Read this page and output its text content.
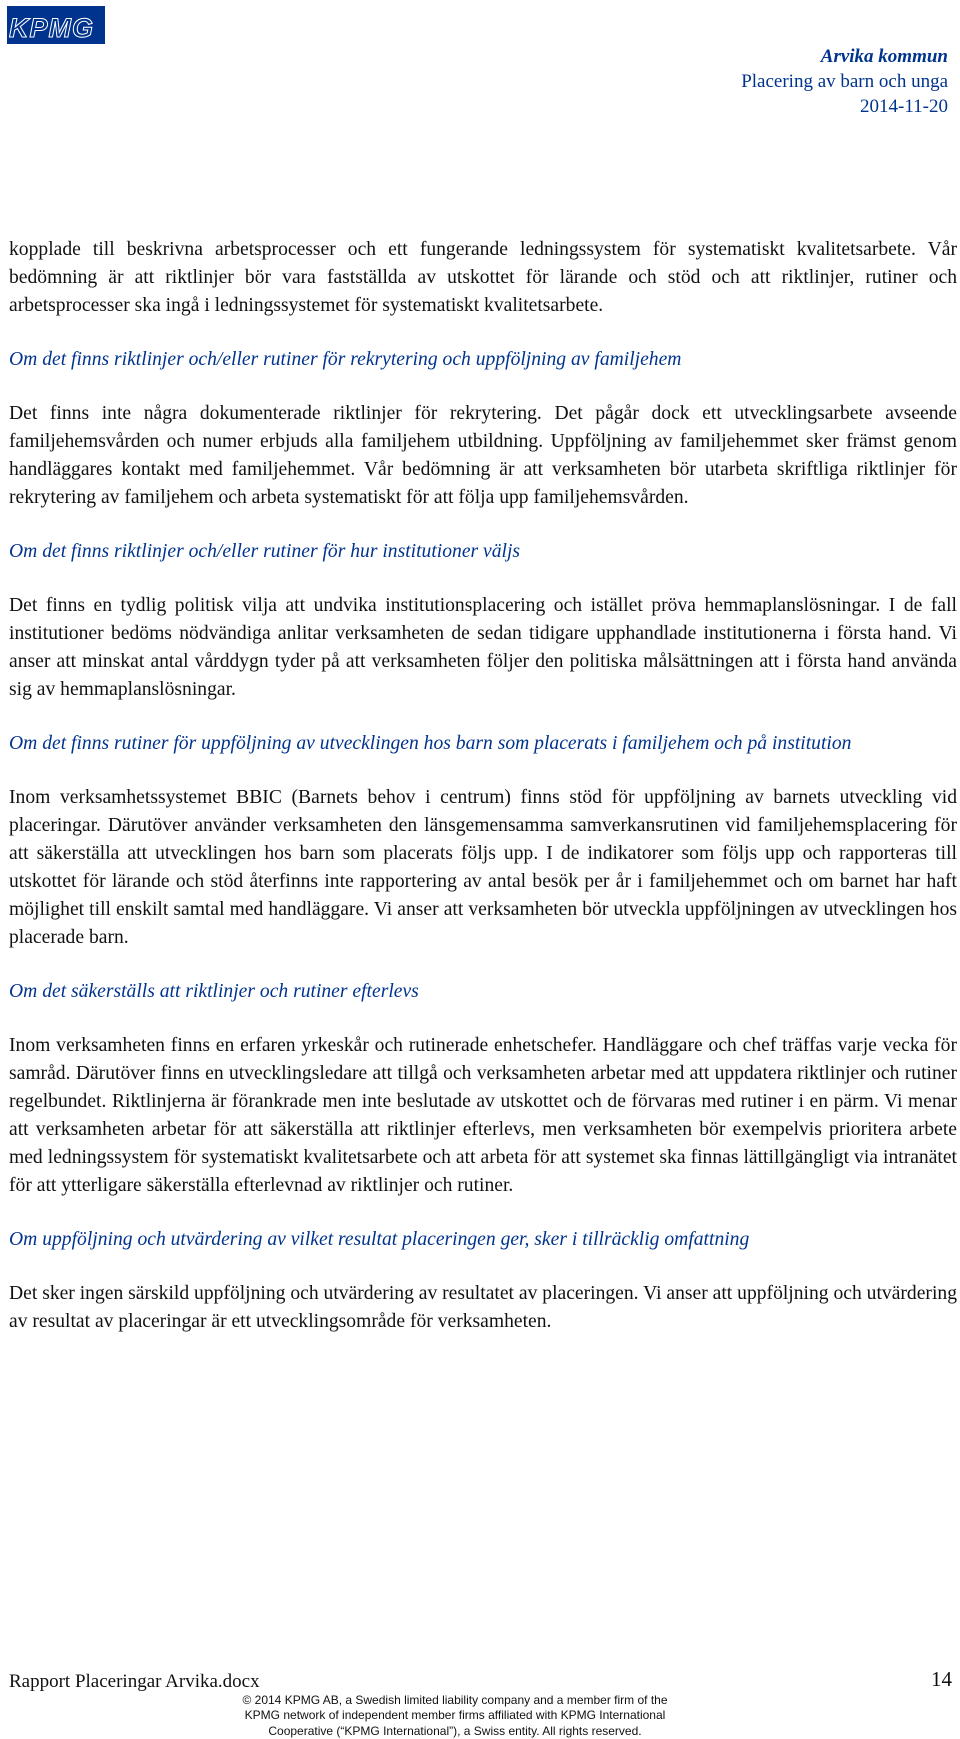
KPMG
Arvika kommun
Placering av barn och unga
2014-11-20

kopplade till beskrivna arbetsprocesser och ett fungerande ledningssystem för systematiskt kvalitetsarbete. Vår bedömning är att riktlinjer bör vara fastställda av utskottet för lärande och stöd och att riktlinjer, rutiner och arbetsprocesser ska ingå i ledningssystemet för systematiskt kvalitetsarbete.

Om det finns riktlinjer och/eller rutiner för rekrytering och uppföljning av familjehem

Det finns inte några dokumenterade riktlinjer för rekrytering. Det pågår dock ett utvecklingsarbete avseende familjehemsvården och numer erbjuds alla familjehem utbildning. Uppföljning av familjehemmet sker främst genom handläggares kontakt med familjehemmet. Vår bedömning är att verksamheten bör utarbeta skriftliga riktlinjer för rekrytering av familjehem och arbeta systematiskt för att följa upp familjehemsvården.

Om det finns riktlinjer och/eller rutiner för hur institutioner väljs

Det finns en tydlig politisk vilja att undvika institutionsplacering och istället pröva hemmaplanslösningar. I de fall institutioner bedöms nödvändiga anlitar verksamheten de sedan tidigare upphandlade institutionerna i första hand. Vi anser att minskat antal vårddygn tyder på att verksamheten följer den politiska målsättningen att i första hand använda sig av hemmaplanslösningar.

Om det finns rutiner för uppföljning av utvecklingen hos barn som placerats i familjehem och på institution

Inom verksamhetssystemet BBIC (Barnets behov i centrum) finns stöd för uppföljning av barnets utveckling vid placeringar. Därutöver använder verksamheten den länsgemensamma samverkansrutinen vid familjehemsplacering för att säkerställa att utvecklingen hos barn som placerats följs upp. I de indikatorer som följs upp och rapporteras till utskottet för lärande och stöd återfinns inte rapportering av antal besök per år i familjehemmet och om barnet har haft möjlighet till enskilt samtal med handläggare. Vi anser att verksamheten bör utveckla uppföljningen av utvecklingen hos placerade barn.

Om det säkerställs att riktlinjer och rutiner efterlevs

Inom verksamheten finns en erfaren yrkeskår och rutinerade enhetschefer. Handläggare och chef träffas varje vecka för samråd. Därutöver finns en utvecklingsledare att tillgå och verksamheten arbetar med att uppdatera riktlinjer och rutiner regelbundet. Riktlinjerna är förankrade men inte beslutade av utskottet och de förvaras med rutiner i en pärm. Vi menar att verksamheten arbetar för att säkerställa att riktlinjer efterlevs, men verksamheten bör exempelvis prioritera arbete med ledningssystem för systematiskt kvalitetsarbete och att arbeta för att systemet ska finnas lättillgängligt via intranätet för att ytterligare säkerställa efterlevnad av riktlinjer och rutiner.

Om uppföljning och utvärdering av vilket resultat placeringen ger, sker i tillräcklig omfattning

Det sker ingen särskild uppföljning och utvärdering av resultatet av placeringen. Vi anser att uppföljning och utvärdering av resultat av placeringar är ett utvecklingsområde för verksamheten.

Rapport Placeringar Arvika.docx	14
© 2014 KPMG AB, a Swedish limited liability company and a member firm of the
KPMG network of independent member firms affiliated with KPMG International
Cooperative (“KPMG International”), a Swiss entity. All rights reserved.
